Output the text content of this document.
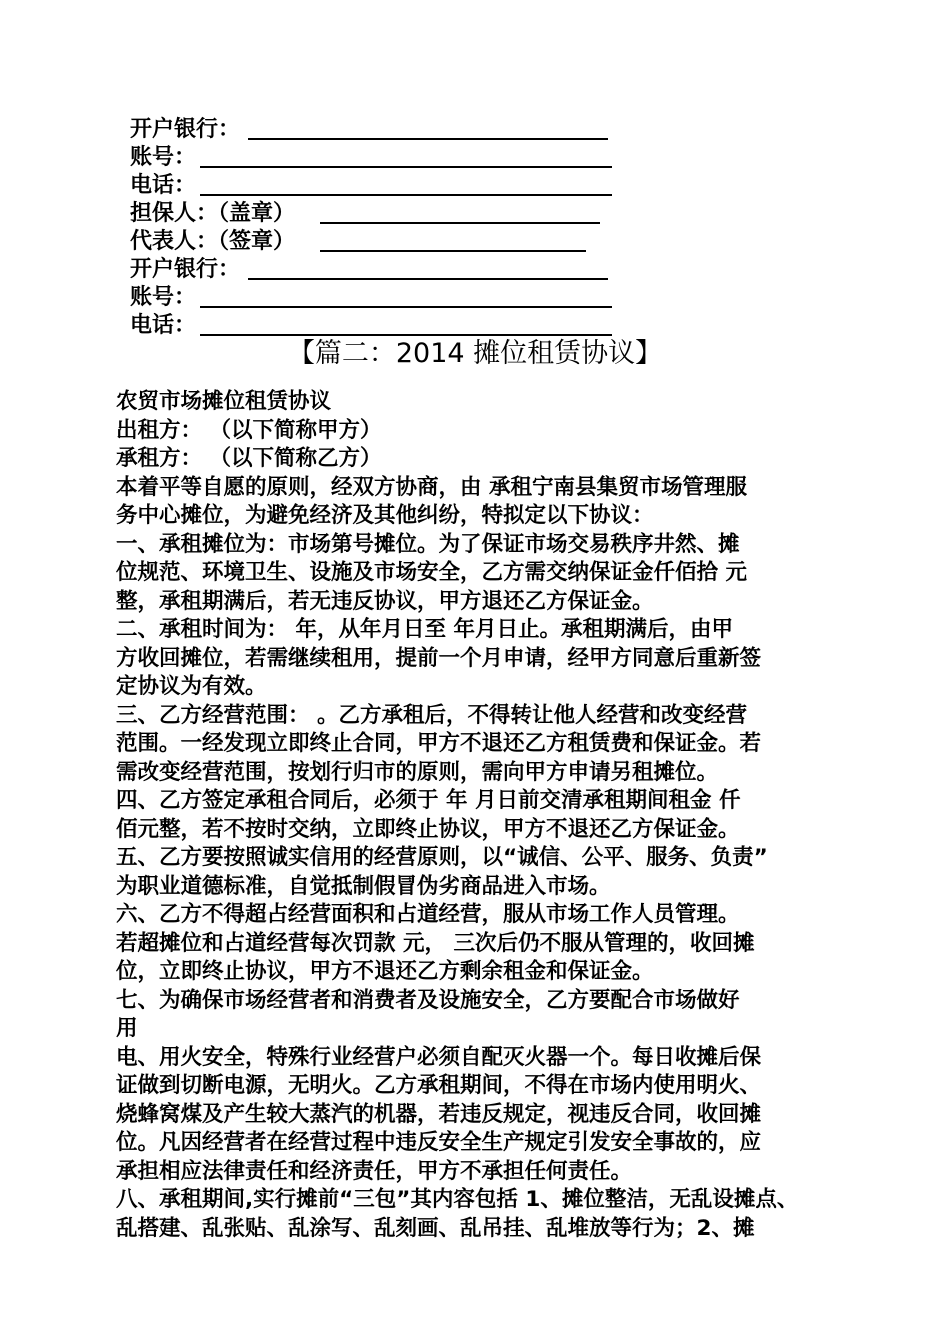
开户银行：
账号：
电话：
担保人：（盖章）
代表人：（签章）
开户银行：
账号：
电话：
【篇二：2014 摊位租赁协议】
农贸市场摊位租赁协议
出租方： （以下简称甲方）
承租方： （以下简称乙方）
本着平等自愿的原则，经双方协商，由 承租宁南县集贸市场管理服
务中心摊位，为避免经济及其他纠纷，特拟定以下协议：
一、承租摊位为：市场第号摊位。为了保证市场交易秩序井然、摊
位规范、环境卫生、设施及市场安全，乙方需交纳保证金仟佰拾 元
整，承租期满后，若无违反协议，甲方退还乙方保证金。
二、承租时间为： 年，从年月日至 年月日止。承租期满后，由甲
方收回摊位，若需继续租用，提前一个月申请，经甲方同意后重新签
定协议为有效。
三、乙方经营范围： 。乙方承租后，不得转让他人经营和改变经营
范围。一经发现立即终止合同，甲方不退还乙方租赁费和保证金。若
需改变经营范围，按划行归市的原则，需向甲方申请另租摊位。
四、乙方签定承租合同后，必须于 年 月日前交清承租期间租金 仟
佰元整，若不按时交纳，立即终止协议，甲方不退还乙方保证金。
五、乙方要按照诚实信用的经营原则，以“诚信、公平、服务、负责”
为职业道德标准，自觉抵制假冒伪劣商品进入市场。
六、乙方不得超占经营面积和占道经营，服从市场工作人员管理。
若超摊位和占道经营每次罚款 元， 三次后仍不服从管理的，收回摊
位，立即终止协议，甲方不退还乙方剩余租金和保证金。
七、为确保市场经营者和消费者及设施安全，乙方要配合市场做好
用
电、用火安全，特殊行业经营户必须自配灭火器一个。每日收摊后保
证做到切断电源，无明火。乙方承租期间，不得在市场内使用明火、
烧蜂窝煤及产生较大蒸汽的机器，若违反规定，视违反合同，收回摊
位。凡因经营者在经营过程中违反安全生产规定引发安全事故的，应
承担相应法律责任和经济责任，甲方不承担任何责任。
八、承租期间,实行摊前“三包”其内容包括 1、摊位整洁，无乱设摊点、
乱搭建、乱张贴、乱涂写、乱刻画、乱吊挂、乱堆放等行为；2、摊
